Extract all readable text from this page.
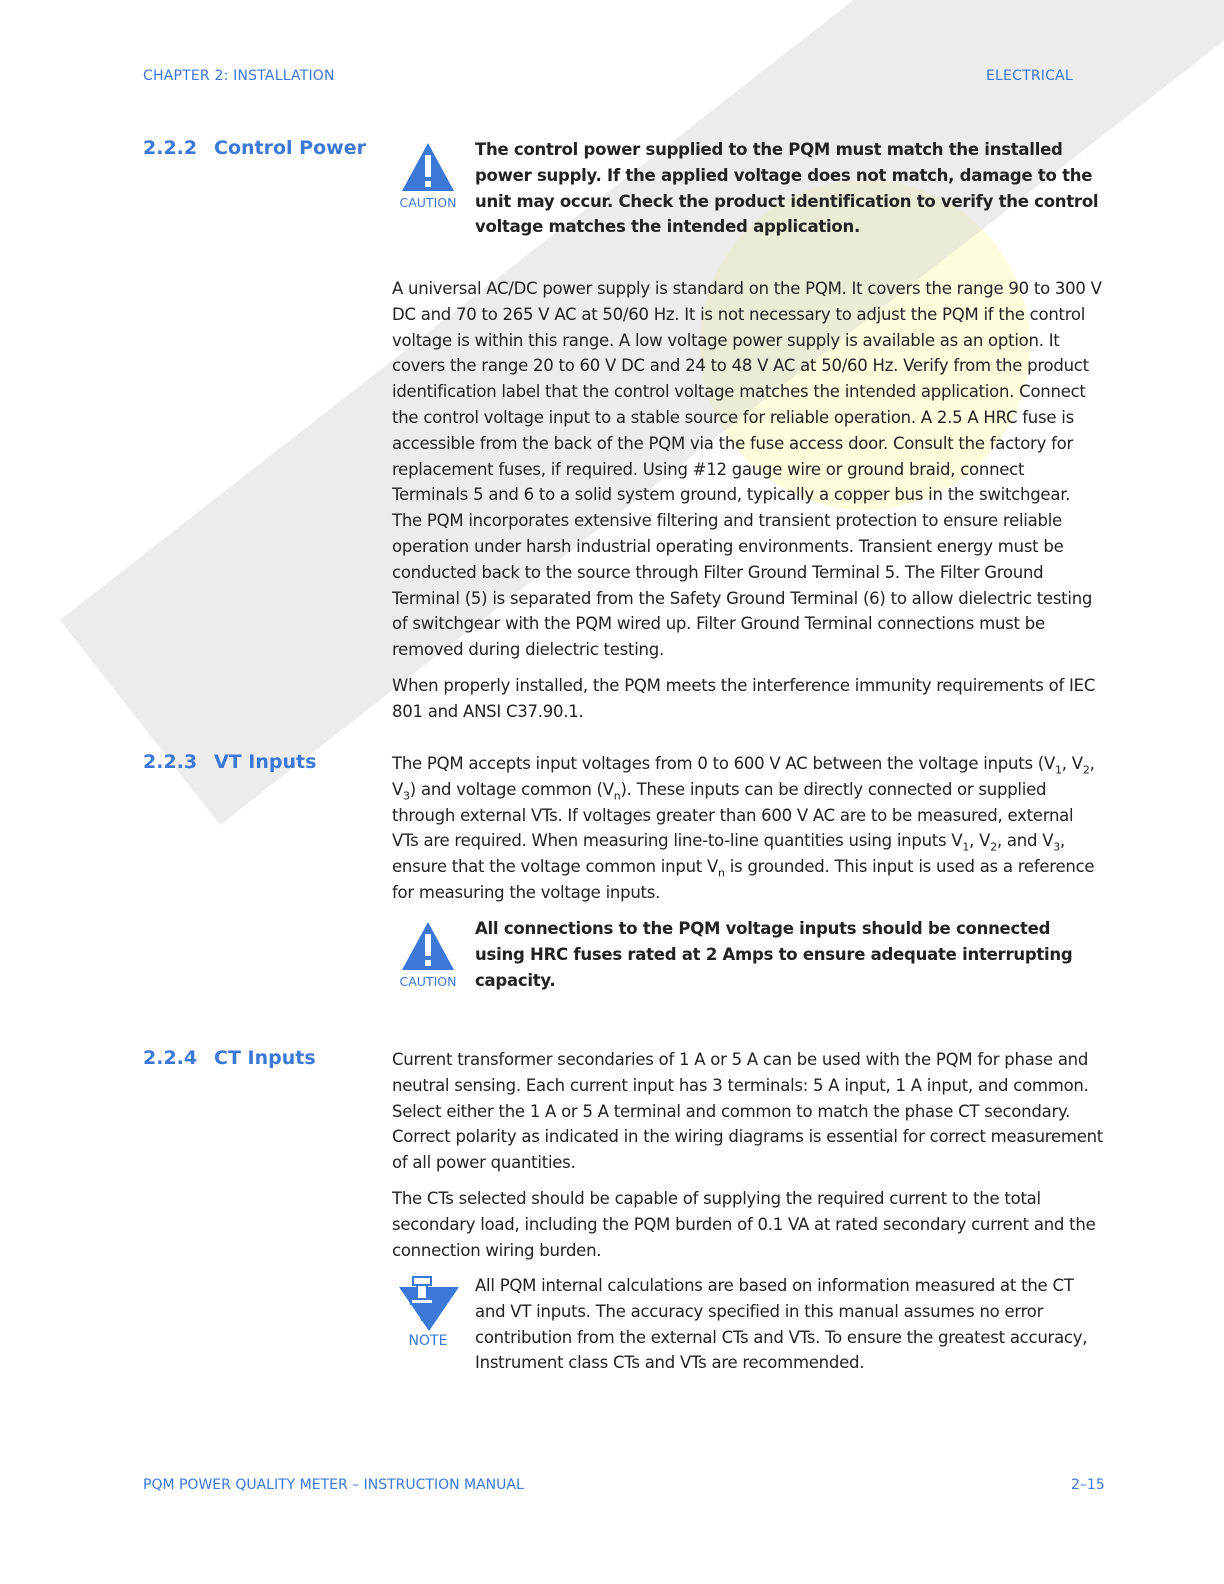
CHAPTER 2: INSTALLATION	ELECTRICAL
2.2.2 Control Power
CAUTION
The control power supplied to the PQM must match the installed power supply. If the applied voltage does not match, damage to the unit may occur. Check the product identification to verify the control voltage matches the intended application.

A universal AC/DC power supply is standard on the PQM. It covers the range 90 to 300 V DC and 70 to 265 V AC at 50/60 Hz. It is not necessary to adjust the PQM if the control voltage is within this range. A low voltage power supply is available as an option. It covers the range 20 to 60 V DC and 24 to 48 V AC at 50/60 Hz. Verify from the product identification label that the control voltage matches the intended application. Connect the control voltage input to a stable source for reliable operation. A 2.5 A HRC fuse is accessible from the back of the PQM via the fuse access door. Consult the factory for replacement fuses, if required. Using #12 gauge wire or ground braid, connect Terminals 5 and 6 to a solid system ground, typically a copper bus in the switchgear. The PQM incorporates extensive filtering and transient protection to ensure reliable operation under harsh industrial operating environments. Transient energy must be conducted back to the source through Filter Ground Terminal 5. The Filter Ground Terminal (5) is separated from the Safety Ground Terminal (6) to allow dielectric testing of switchgear with the PQM wired up. Filter Ground Terminal connections must be removed during dielectric testing.

When properly installed, the PQM meets the interference immunity requirements of IEC 801 and ANSI C37.90.1.

2.2.3 VT Inputs	The PQM accepts input voltages from 0 to 600 V AC between the voltage inputs ($V_1$, $V_2$, $V_3$) and voltage common $(V_n)$. These inputs can be directly connected or supplied through external VTs. If voltages greater than 600 V AC are to be measured, external VTs are required. When measuring line-to-line quantities using inputs $V_1$, $V_2$, and $V_3$, ensure that the voltage common input $V_n$ is grounded. This input is used as a reference for measuring the voltage inputs.

CAUTION
All connections to the PQM voltage inputs should be connected using HRC fuses rated at 2 Amps to ensure adequate interrupting capacity.
2.2.4 CT Inputs	Current transformer secondaries of 1 A or 5 A can be used with the PQM for phase and neutral sensing. Each current input has 3 terminals: 5 A input, 1 A input, and common. Select either the 1 A or 5 A terminal and common to match the phase CT secondary. Correct polarity as indicated in the wiring diagrams is essential for correct measurement of all power quantities.

The CTs selected should be capable of supplying the required current to the total secondary load, including the PQM burden of 0.1 VA at rated secondary current and the connection wiring burden.

NOTE
All PQM internal calculations are based on information measured at the CT and VT inputs. The accuracy specified in this manual assumes no error contribution from the external CTs and VTs. To ensure the greatest accuracy, Instrument class CTs and VTs are recommended.
PQM POWER QUALITY METER – INSTRUCTION MANUAL	2–15
